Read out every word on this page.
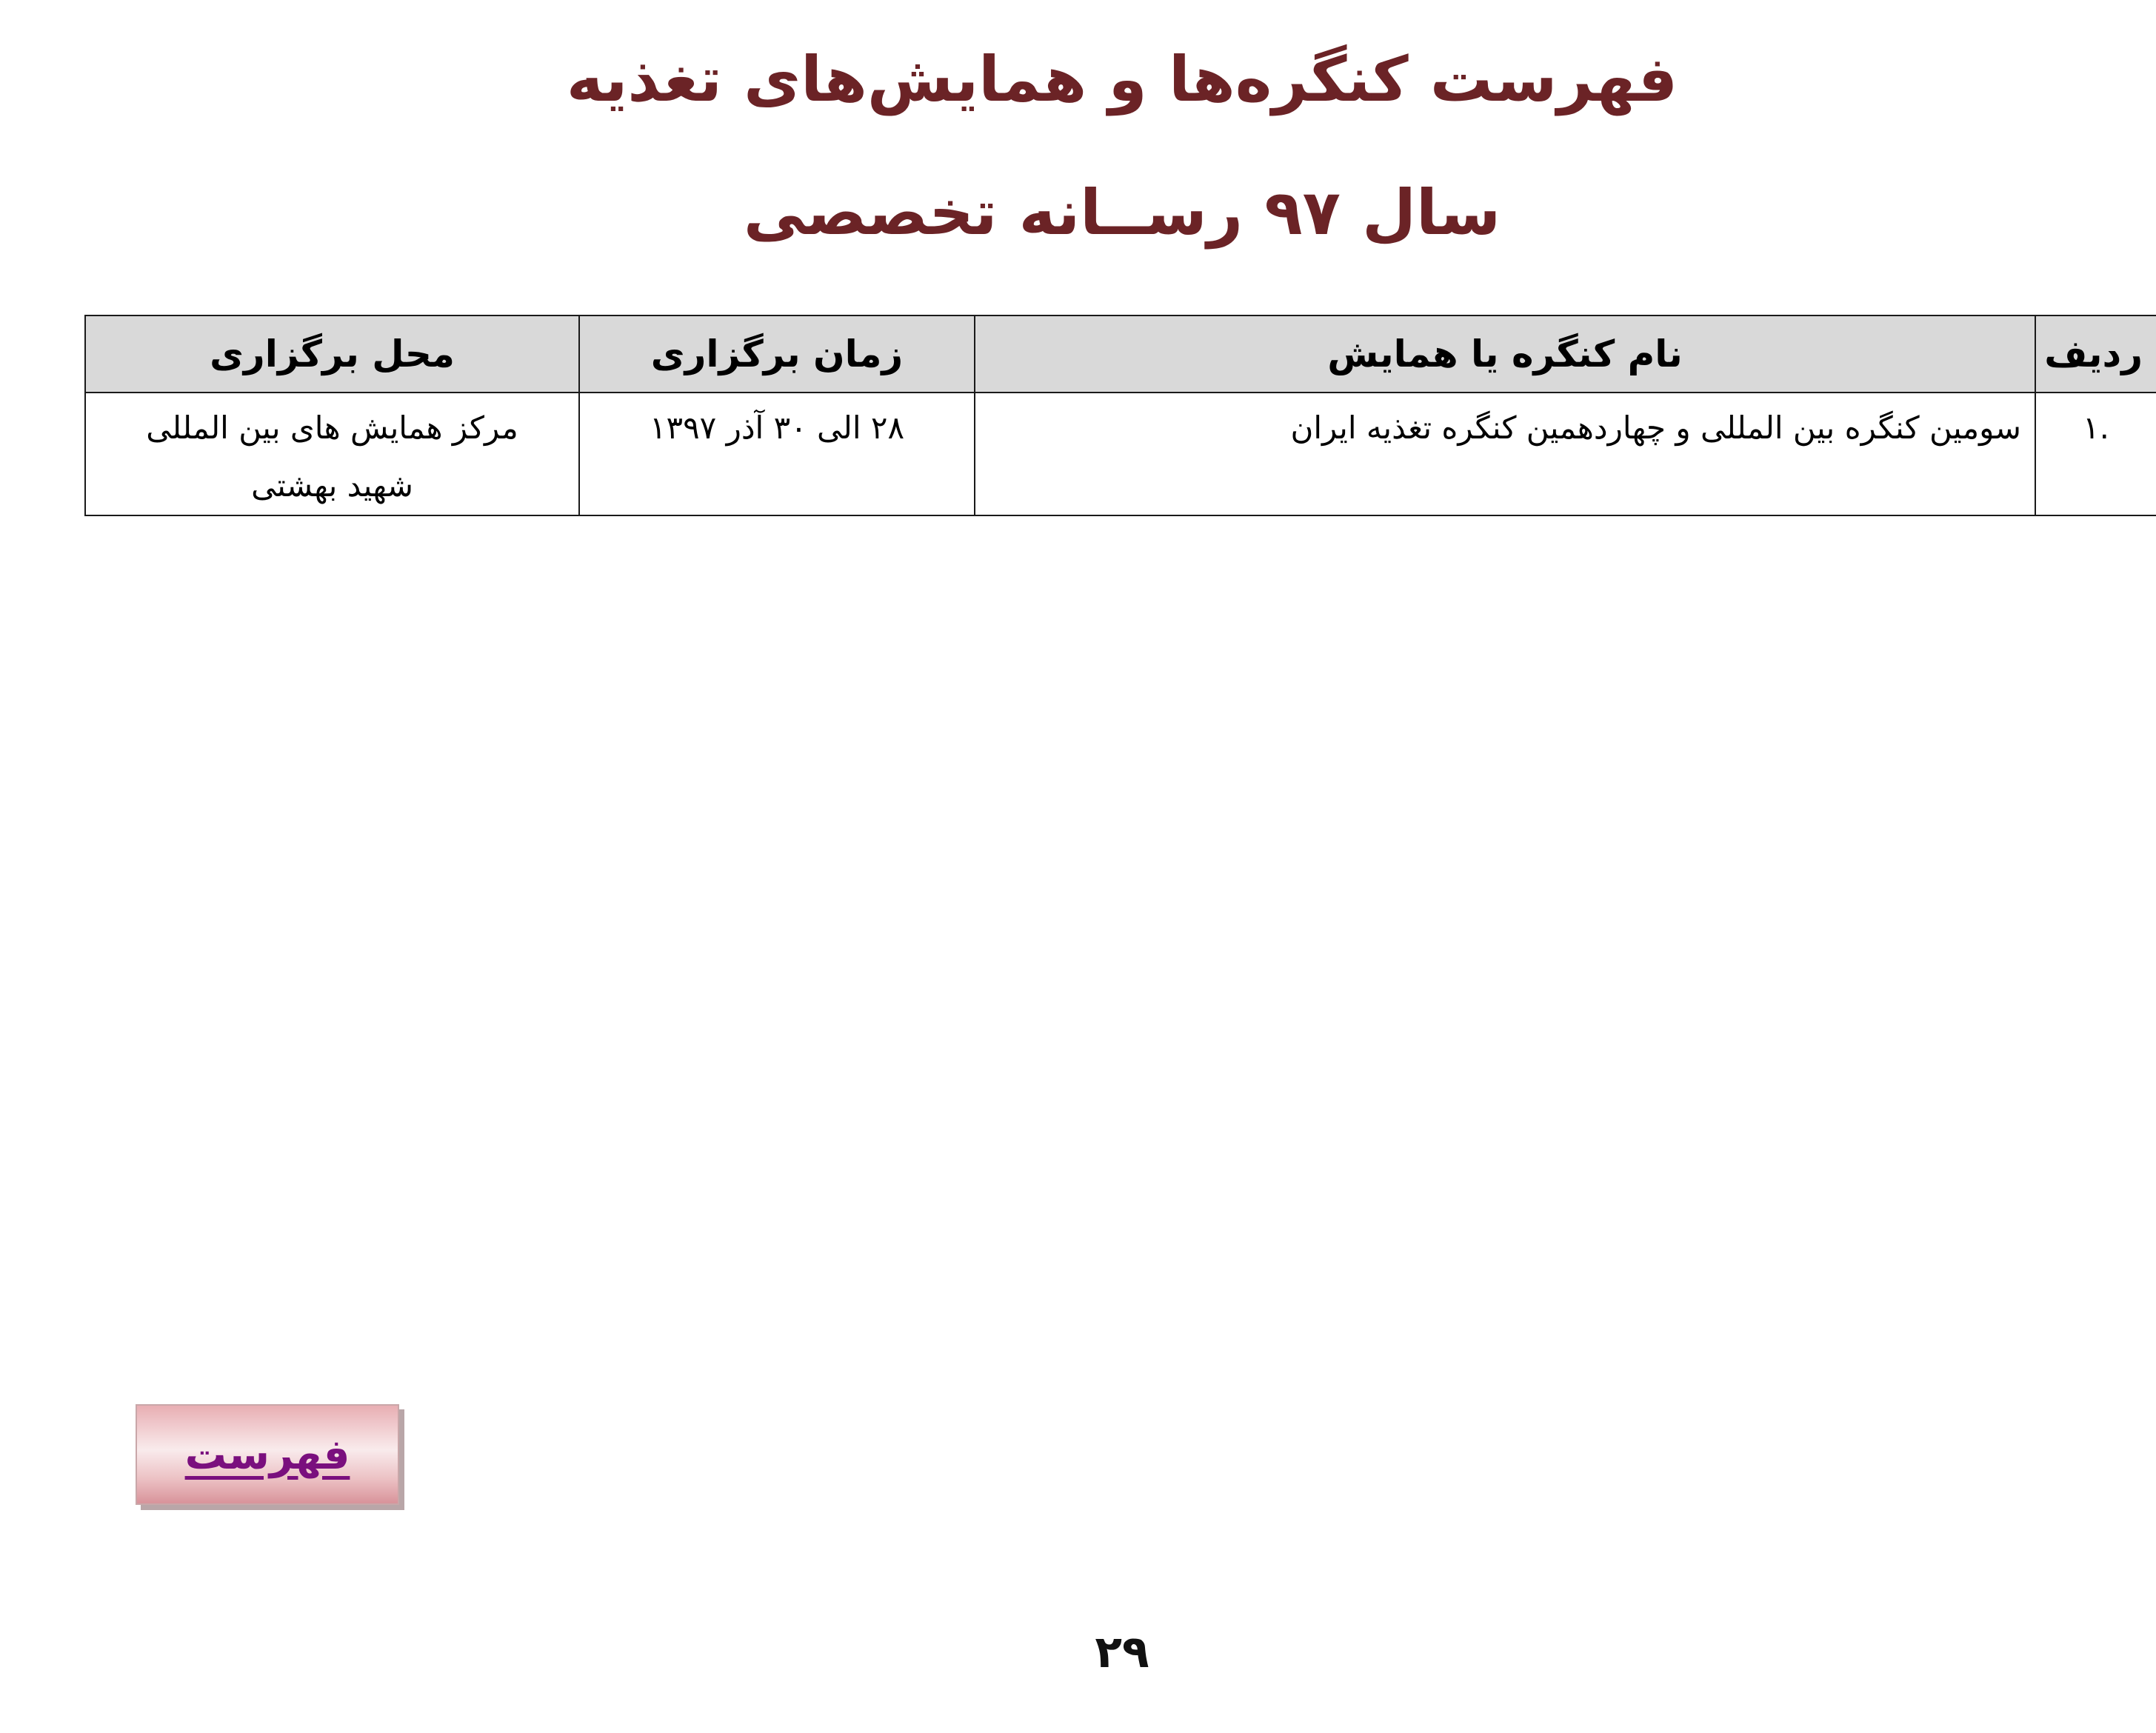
فهرست کنگره‌ها و همایش‌های تغذیه
سال ۹۷ رســانه تخصصی
ردیف	نام کنگره یا همایش	زمان برگزاری	محل برگزاری
.۱	سومین کنگره بین المللی و چهاردهمین کنگره تغذیه ایران	۲۸ الی ۳۰ آذر ۱۳۹۷	مرکز همایش های بین المللی
شهید بهشتی
فهرست
۲۹
